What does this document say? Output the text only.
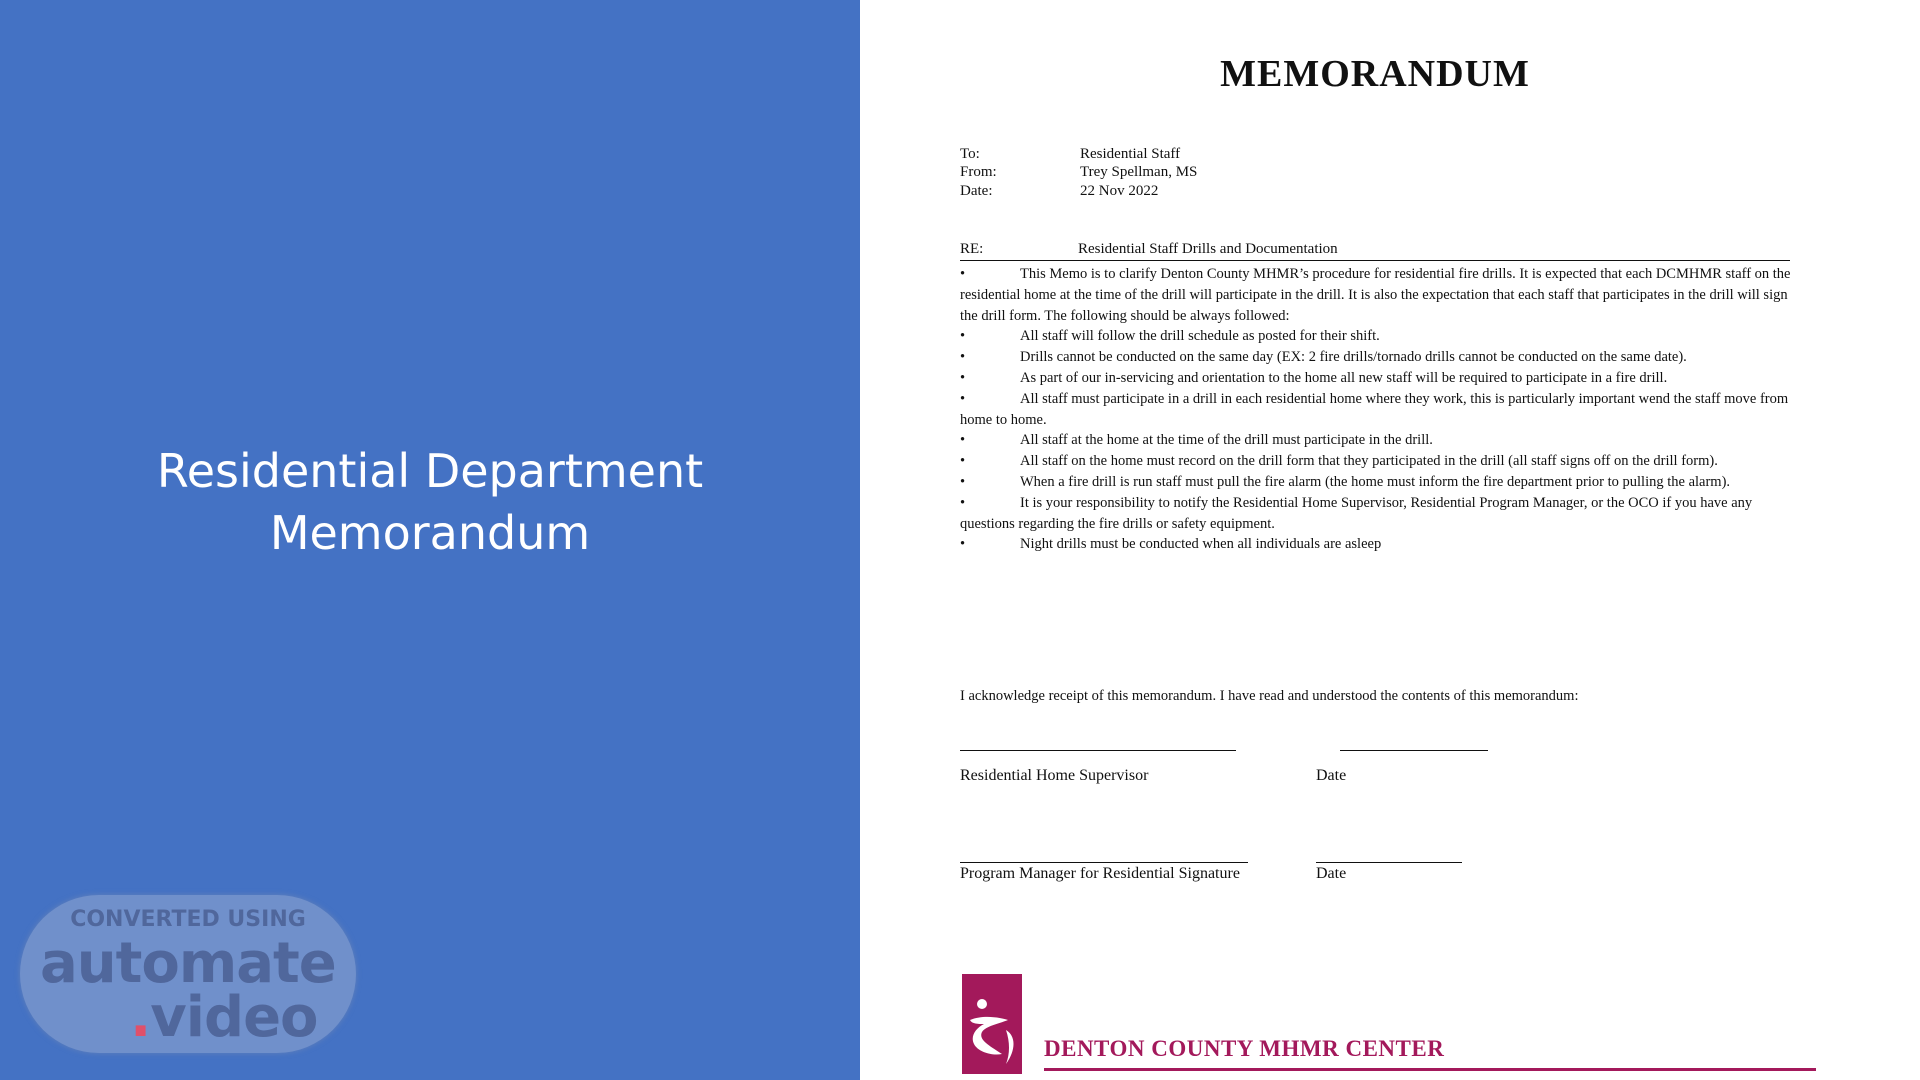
Residential Department
Memorandum
CONVERTED USING
automate
.video
MEMORANDUM
To:	Residential Staff
From:	Trey Spellman, MS
Date:	22 Nov 2022
RE:	Residential Staff Drills and Documentation
•	This Memo is to clarify Denton County MHMR’s procedure for residential fire drills. It is expected that each DCMHMR staff on the residential home at the time of the drill will participate in the drill. It is also the expectation that each staff that participates in the drill will sign the drill form. The following should be always followed:
•	All staff will follow the drill schedule as posted for their shift.
•	Drills cannot be conducted on the same day (EX: 2 fire drills/tornado drills cannot be conducted on the same date).
•	As part of our in-servicing and orientation to the home all new staff will be required to participate in a fire drill.
•	All staff must participate in a drill in each residential home where they work, this is particularly important wend the staff move from home to home.
•	All staff at the home at the time of the drill must participate in the drill.
•	All staff on the home must record on the drill form that they participated in the drill (all staff signs off on the drill form).
•	When a fire drill is run staff must pull the fire alarm (the home must inform the fire department prior to pulling the alarm).
•	It is your responsibility to notify the Residential Home Supervisor, Residential Program Manager, or the OCO if you have any questions regarding the fire drills or safety equipment.
•	Night drills must be conducted when all individuals are asleep
I acknowledge receipt of this memorandum. I have read and understood the contents of this memorandum:
Residential Home Supervisor	Date
Program Manager for Residential Signature	Date
DENTON COUNTY MHMR CENTER
